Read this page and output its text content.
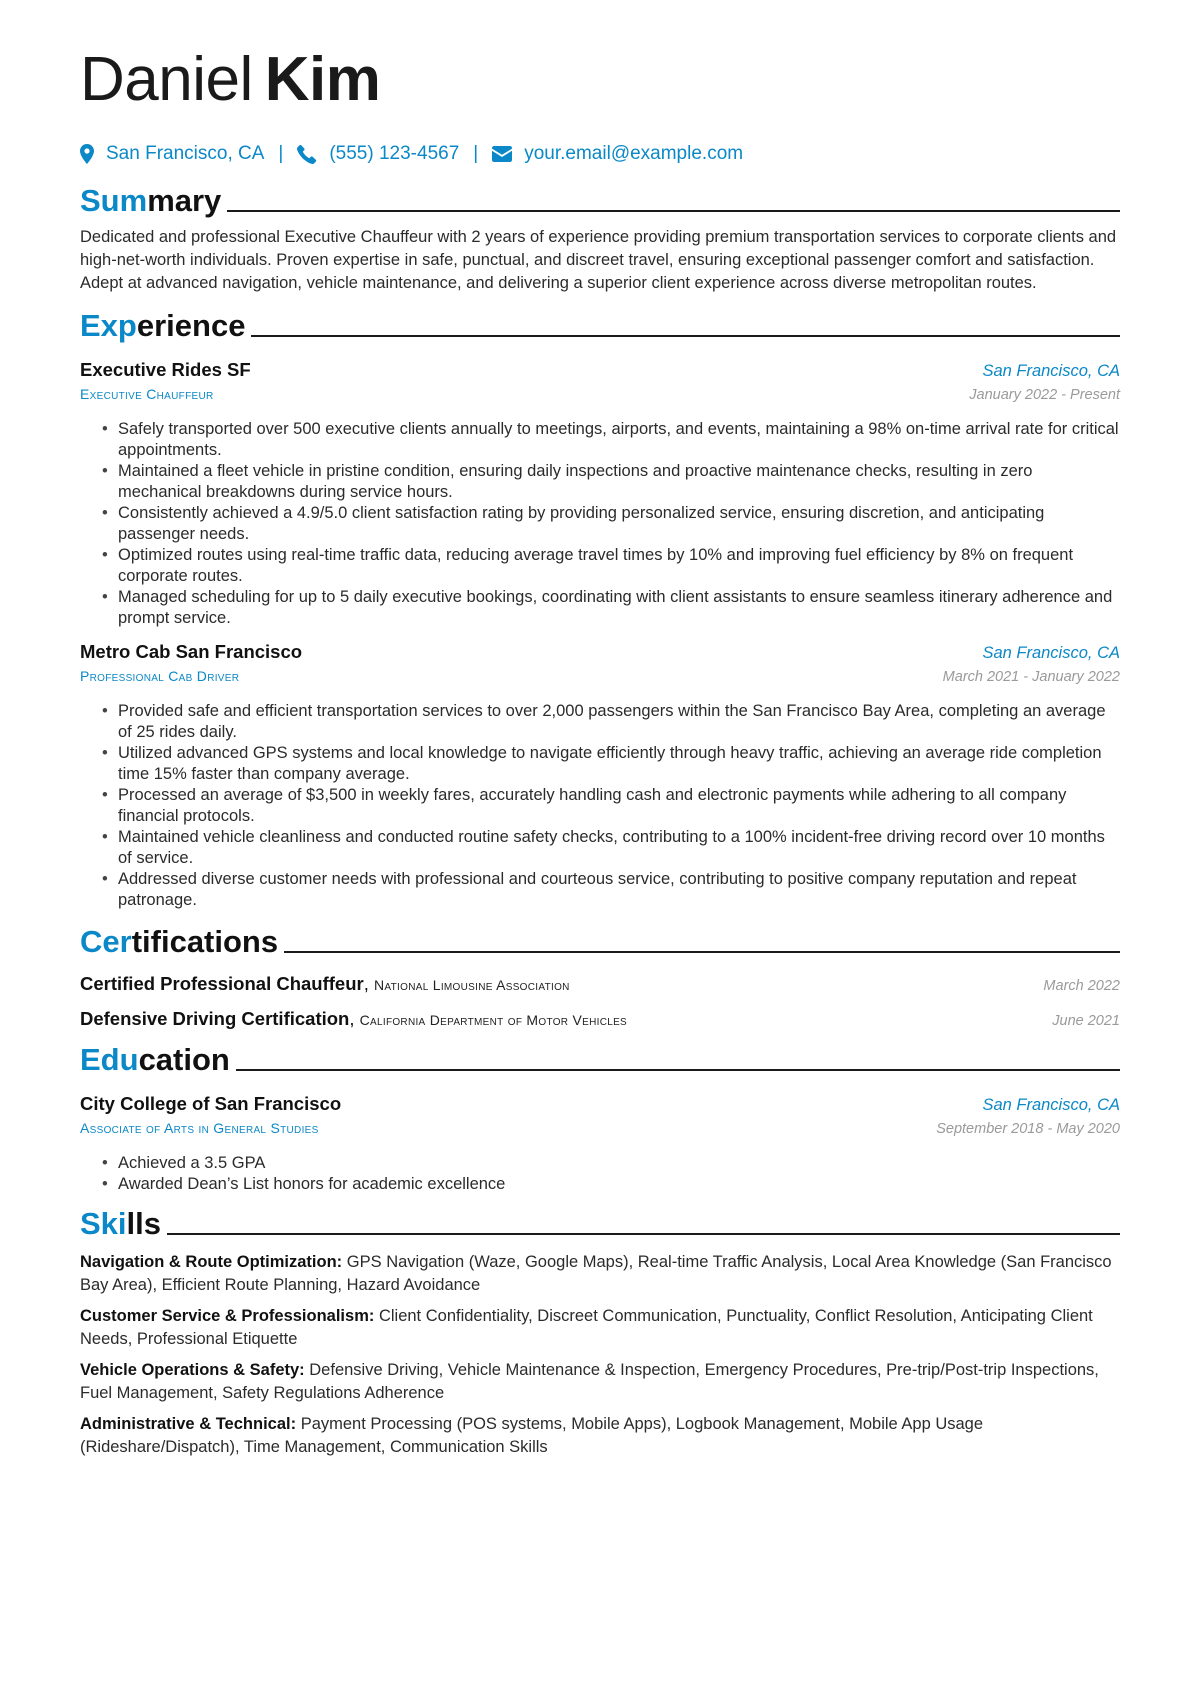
Daniel Kim
San Francisco, CA | (555) 123-4567 | your.email@example.com
Summary

Dedicated and professional Executive Chauffeur with 2 years of experience providing premium transportation services to corporate clients and high-net-worth individuals. Proven expertise in safe, punctual, and discreet travel, ensuring exceptional passenger comfort and satisfaction. Adept at advanced navigation, vehicle maintenance, and delivering a superior client experience across diverse metropolitan routes.

Experience
Executive Rides SF	San Francisco, CA
Executive Chauffeur	January 2022 - Present
• Safely transported over 500 executive clients annually to meetings, airports, and events, maintaining a 98% on-time arrival rate for critical appointments.
• Maintained a fleet vehicle in pristine condition, ensuring daily inspections and proactive maintenance checks, resulting in zero mechanical breakdowns during service hours.
• Consistently achieved a 4.9/5.0 client satisfaction rating by providing personalized service, ensuring discretion, and anticipating passenger needs.
• Optimized routes using real-time traffic data, reducing average travel times by 10% and improving fuel efficiency by 8% on frequent corporate routes.
• Managed scheduling for up to 5 daily executive bookings, coordinating with client assistants to ensure seamless itinerary adherence and prompt service.
Metro Cab San Francisco	San Francisco, CA
Professional Cab Driver	March 2021 - January 2022
• Provided safe and efficient transportation services to over 2,000 passengers within the San Francisco Bay Area, completing an average of 25 rides daily.
• Utilized advanced GPS systems and local knowledge to navigate efficiently through heavy traffic, achieving an average ride completion time 15% faster than company average.
• Processed an average of $3,500 in weekly fares, accurately handling cash and electronic payments while adhering to all company financial protocols.
• Maintained vehicle cleanliness and conducted routine safety checks, contributing to a 100% incident-free driving record over 10 months of service.
• Addressed diverse customer needs with professional and courteous service, contributing to positive company reputation and repeat patronage.
Certifications
Certified Professional Chauffeur, National Limousine Association	March 2022
Defensive Driving Certification, California Department of Motor Vehicles	June 2021
Education
City College of San Francisco	San Francisco, CA
Associate of Arts in General Studies	September 2018 - May 2020
• Achieved a 3.5 GPA
• Awarded Dean’s List honors for academic excellence
Skills
Navigation & Route Optimization: GPS Navigation (Waze, Google Maps), Real-time Traffic Analysis, Local Area Knowledge (San Francisco Bay Area), Efficient Route Planning, Hazard Avoidance
Customer Service & Professionalism: Client Confidentiality, Discreet Communication, Punctuality, Conflict Resolution, Anticipating Client Needs, Professional Etiquette
Vehicle Operations & Safety: Defensive Driving, Vehicle Maintenance & Inspection, Emergency Procedures, Pre-trip/Post-trip Inspections, Fuel Management, Safety Regulations Adherence
Administrative & Technical: Payment Processing (POS systems, Mobile Apps), Logbook Management, Mobile App Usage (Rideshare/Dispatch), Time Management, Communication Skills
